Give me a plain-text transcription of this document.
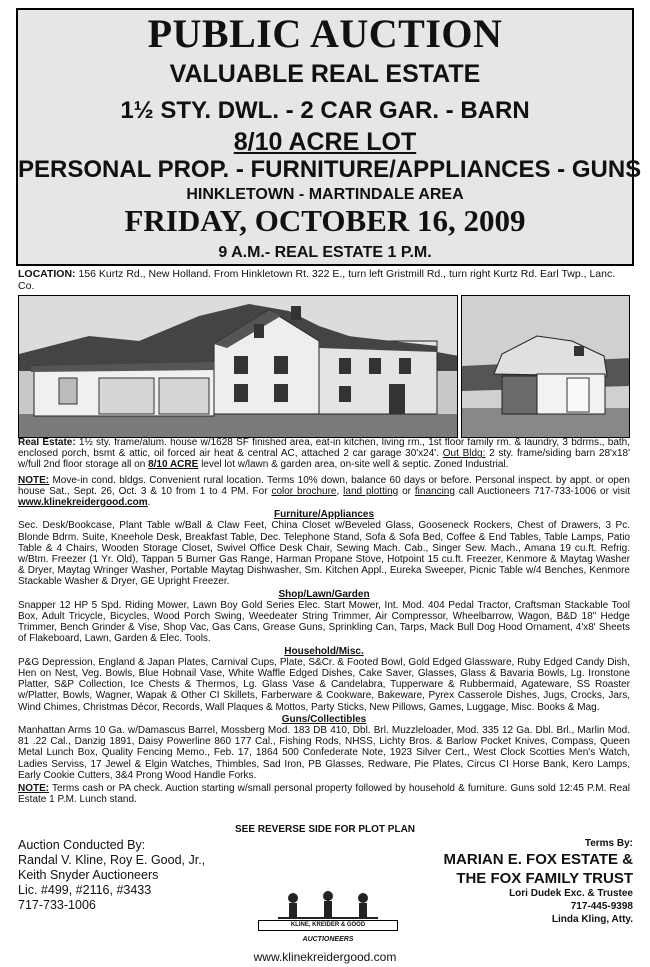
PUBLIC AUCTION
VALUABLE REAL ESTATE
1½ STY. DWL. - 2 CAR GAR. - BARN
8/10 ACRE LOT
PERSONAL PROP. - FURNITURE/APPLIANCES - GUNS
HINKLETOWN - MARTINDALE AREA
FRIDAY, OCTOBER 16, 2009
9 A.M.- REAL ESTATE 1 P.M.
LOCATION: 156 Kurtz Rd., New Holland. From Hinkletown Rt. 322 E., turn left Gristmill Rd., turn right Kurtz Rd. Earl Twp., Lanc. Co.

Real Estate: 1½ sty. frame/alum. house w/1628 SF finished area, eat-in kitchen, living rm., 1st floor family rm. & laundry, 3 bdrms., bath, enclosed porch, bsmt & attic, oil forced air heat & central AC, attached 2 car garage 30'x24'. Out Bldg: 2 sty. frame/siding barn 28'x18' w/full 2nd floor storage all on 8/10 ACRE level lot w/lawn & garden area, on-site well & septic. Zoned Industrial.

NOTE: Move-in cond. bldgs. Convenient rural location. Terms 10% down, balance 60 days or before. Personal inspect. by appt. or open house Sat., Sept. 26, Oct. 3 & 10 from 1 to 4 PM. For color brochure, land plotting or financing call Auctioneers 717-733-1006 or visit www.klinekreidergood.com.

Furniture/Appliances

Sec. Desk/Bookcase, Plant Table w/Ball & Claw Feet, China Closet w/Beveled Glass, Gooseneck Rockers, Chest of Drawers, 3 Pc. Blonde Bdrm. Suite, Kneehole Desk, Breakfast Table, Dec. Telephone Stand, Sofa & Sofa Bed, Coffee & End Tables, Table Lamps, Patio Table & 4 Chairs, Wooden Storage Closet, Swivel Office Desk Chair, Sewing Mach. Cab., Singer Sew. Mach., Amana 19 cu.ft. Refrig. w/Btm. Freezer (1 Yr. Old), Tappan 5 Burner Gas Range, Harman Propane Stove, Hotpoint 15 cu.ft. Freezer, Kenmore & Maytag Washer & Dryer, Maytag Wringer Washer, Portable Maytag Dishwasher, Sm. Kitchen Appl., Eureka Sweeper, Picnic Table w/4 Benches, Kenmore Stackable Washer & Dryer, GE Upright Freezer.

Shop/Lawn/Garden

Snapper 12 HP 5 Spd. Riding Mower, Lawn Boy Gold Series Elec. Start Mower, Int. Mod. 404 Pedal Tractor, Craftsman Stackable Tool Box, Adult Tricycle, Bicycles, Wood Porch Swing, Weedeater String Trimmer, Air Compressor, Wheelbarrow, Wagon, B&D 18" Hedge Trimmer, Bench Grinder & Vise, Shop Vac, Gas Cans, Grease Guns, Sprinkling Can, Tarps, Mack Bull Dog Hood Ornament, 4'x8' Sheets of Flakeboard, Lawn, Garden & Elec. Tools.

Household/Misc.

P&G Depression, England & Japan Plates, Carnival Cups, Plate, S&Cr. & Footed Bowl, Gold Edged Glassware, Ruby Edged Candy Dish, Hen on Nest, Veg. Bowls, Blue Hobnail Vase, White Waffle Edged Dishes, Cake Saver, Glasses, Glass & Bavaria Bowls, Lg. Ironstone Platter, S&P Collection, Ice Chests & Thermos, Lg. Glass Vase & Candelabra, Tupperware & Rubbermaid, Agateware, SS Roaster w/Platter, Bowls, Wagner, Wapak & Other CI Skillets, Farberware & Cookware, Bakeware, Pyrex Casserole Dishes, Jugs, Crocks, Jars, Wind Chimes, Christmas Décor, Records, Wall Plaques & Mottos, Party Sticks, New Pillows, Games, Luggage, Misc. Books & Mag.

Guns/Collectibles

Manhattan Arms 10 Ga. w/Damascus Barrel, Mossberg Mod. 183 DB 410, Dbl. Brl. Muzzleloader, Mod. 335 12 Ga. Dbl. Brl., Marlin Mod. 81 .22 Cal., Danzig 1891, Daisy Powerline 860 177 Cal., Fishing Rods, NHSS, Lichty Bros. & Barlow Pocket Knives, Compass, Queen Metal Lunch Box, Quality Fencing Memo., Feb. 17, 1864 500 Confederate Note, 1923 Silver Cert., West Clock Scotties Men's Watch, Ladies Serviss, 17 Jewel & Elgin Watches, Thimbles, Sad Iron, PB Glasses, Redware, Pie Plates, Circus CI Horse Bank, Kero Lamps, Early Cookie Cutters, 3&4 Prong Wood Handle Forks.

NOTE: Terms cash or PA check. Auction starting w/small personal property followed by household & furniture. Guns sold 12:45 P.M. Real Estate 1 P.M. Lunch stand.

SEE REVERSE SIDE FOR PLOT PLAN
Auction Conducted By:
Randal V. Kline, Roy E. Good, Jr.,
Keith Snyder Auctioneers
Lic. #499, #2116, #3433
717-733-1006
KLINE, KREIDER & GOOD
AUCTIONEERS
www.klinekreidergood.com
Terms By:
MARIAN E. FOX ESTATE &
THE FOX FAMILY TRUST
Lori Dudek Exc. & Trustee
717-445-9398
Linda Kling, Atty.
